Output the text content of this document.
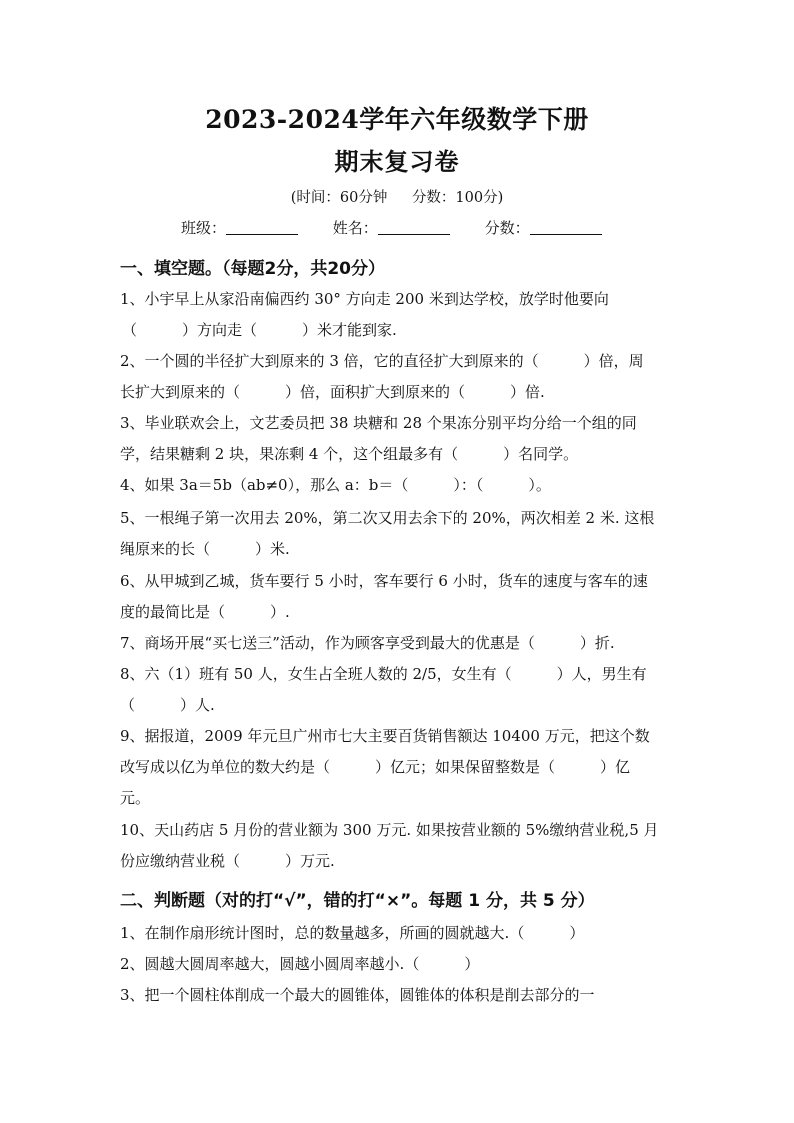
2023-2024学年六年级数学下册
期末复习卷
(时间：60分钟 分数：100分)
班级：	姓名：	分数：
一、填空题。（每题2分，共20分）
1、小宇早上从家沿南偏西约 30° 方向走 200 米到达学校，放学时他要向
（　　　）方向走（　　　）米才能到家.
2、一个圆的半径扩大到原来的 3 倍，它的直径扩大到原来的（　　　）倍，周
长扩大到原来的（　　　）倍，面积扩大到原来的（　　　）倍.
3、毕业联欢会上，文艺委员把 38 块糖和 28 个果冻分别平均分给一个组的同
学，结果糖剩 2 块，果冻剩 4 个，这个组最多有（　　　）名同学。
4、如果 3a＝5b（ab≠0），那么 a：b＝（　　　）：（　　　）。
5、一根绳子第一次用去 20%，第二次又用去余下的 20%，两次相差 2 米. 这根
绳原来的长（　　　）米.
6、从甲城到乙城，货车要行 5 小时，客车要行 6 小时，货车的速度与客车的速
度的最简比是（　　　）.
7、商场开展“买七送三”活动，作为顾客享受到最大的优惠是（　　　）折.
8、六（1）班有 50 人，女生占全班人数的 2/5，女生有（　　　）人，男生有
（　　　）人.
9、据报道，2009 年元旦广州市七大主要百货销售额达 10400 万元，把这个数
改写成以亿为单位的数大约是（　　　）亿元；如果保留整数是（　　　）亿
元。
10、天山药店 5 月份的营业额为 300 万元. 如果按营业额的 5%缴纳营业税,5 月
份应缴纳营业税（　　　）万元.
二、判断题（对的打“√”，错的打“×”。每题 1 分，共 5 分）
1、在制作扇形统计图时，总的数量越多，所画的圆就越大.（　　　）
2、圆越大圆周率越大，圆越小圆周率越小.（　　　）
3、把一个圆柱体削成一个最大的圆锥体，圆锥体的体积是削去部分的一
